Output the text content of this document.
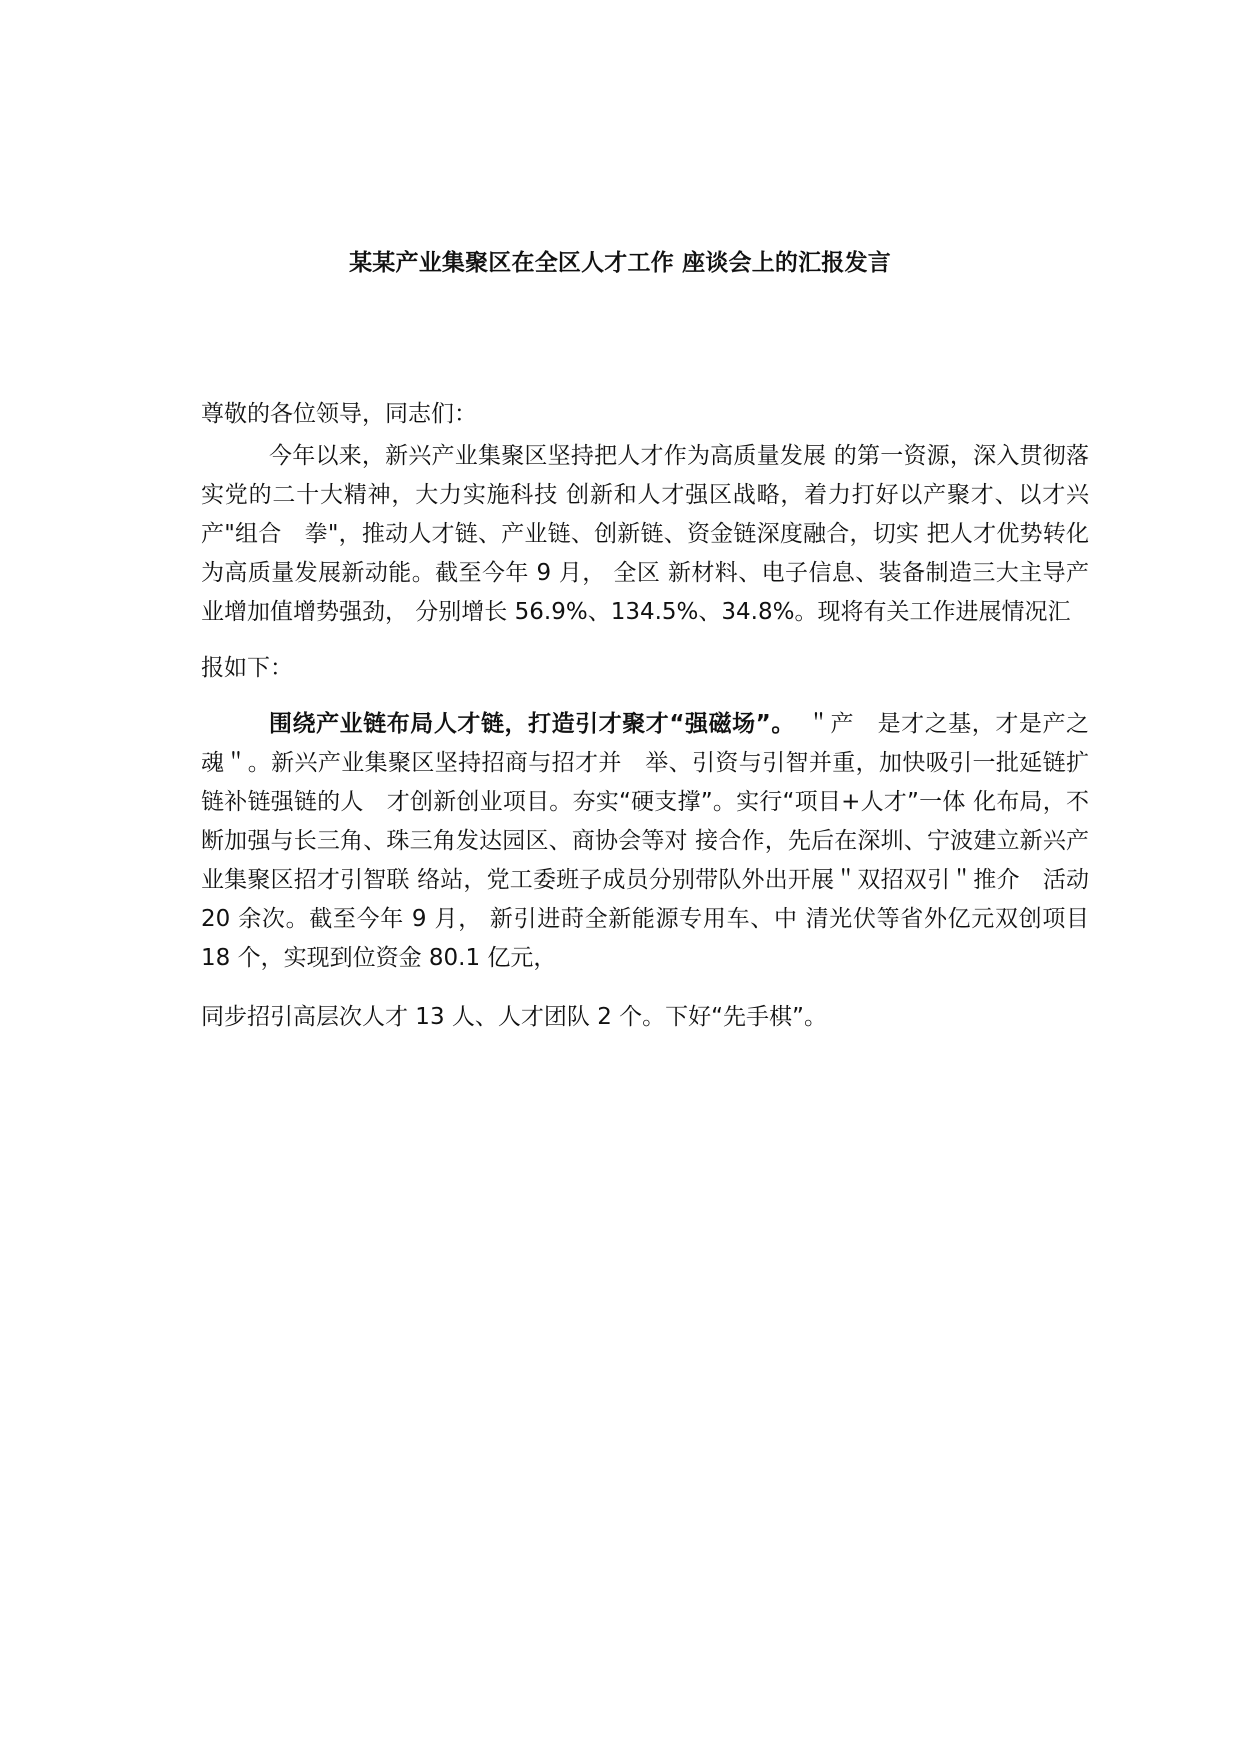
某某产业集聚区在全区人才工作 座谈会上的汇报发言

尊敬的各位领导，同志们：

今年以来，新兴产业集聚区坚持把人才作为高质量发展 的第一资源，深入贯彻落实党的二十大精神，大力实施科技 创新和人才强区战略，着力打好以产聚才、以才兴产"组合　拳"，推动人才链、产业链、创新链、资金链深度融合，切实 把人才优势转化为高质量发展新动能。截至今年 9 月， 全区 新材料、电子信息、装备制造三大主导产业增加值增势强劲， 分别增长 56.9%、134.5%、34.8%。现将有关工作进展情况汇

报如下：

围绕产业链布局人才链，打造引才聚才“强磁场”。　＂产　是才之基，才是产之魂＂。新兴产业集聚区坚持招商与招才并　举、引资与引智并重，加快吸引一批延链扩链补链强链的人　才创新创业项目。夯实“硬支撑”。实行“项目+人才”一体 化布局，不断加强与长三角、珠三角发达园区、商协会等对 接合作，先后在深圳、宁波建立新兴产业集聚区招才引智联 络站，党工委班子成员分别带队外出开展＂双招双引＂推介　活动 20 余次。截至今年 9 月， 新引进莳全新能源专用车、中 清光伏等省外亿元双创项目 18 个，实现到位资金 80.1 亿元，

同步招引高层次人才 13 人、人才团队 2 个。下好“先手棋”。
